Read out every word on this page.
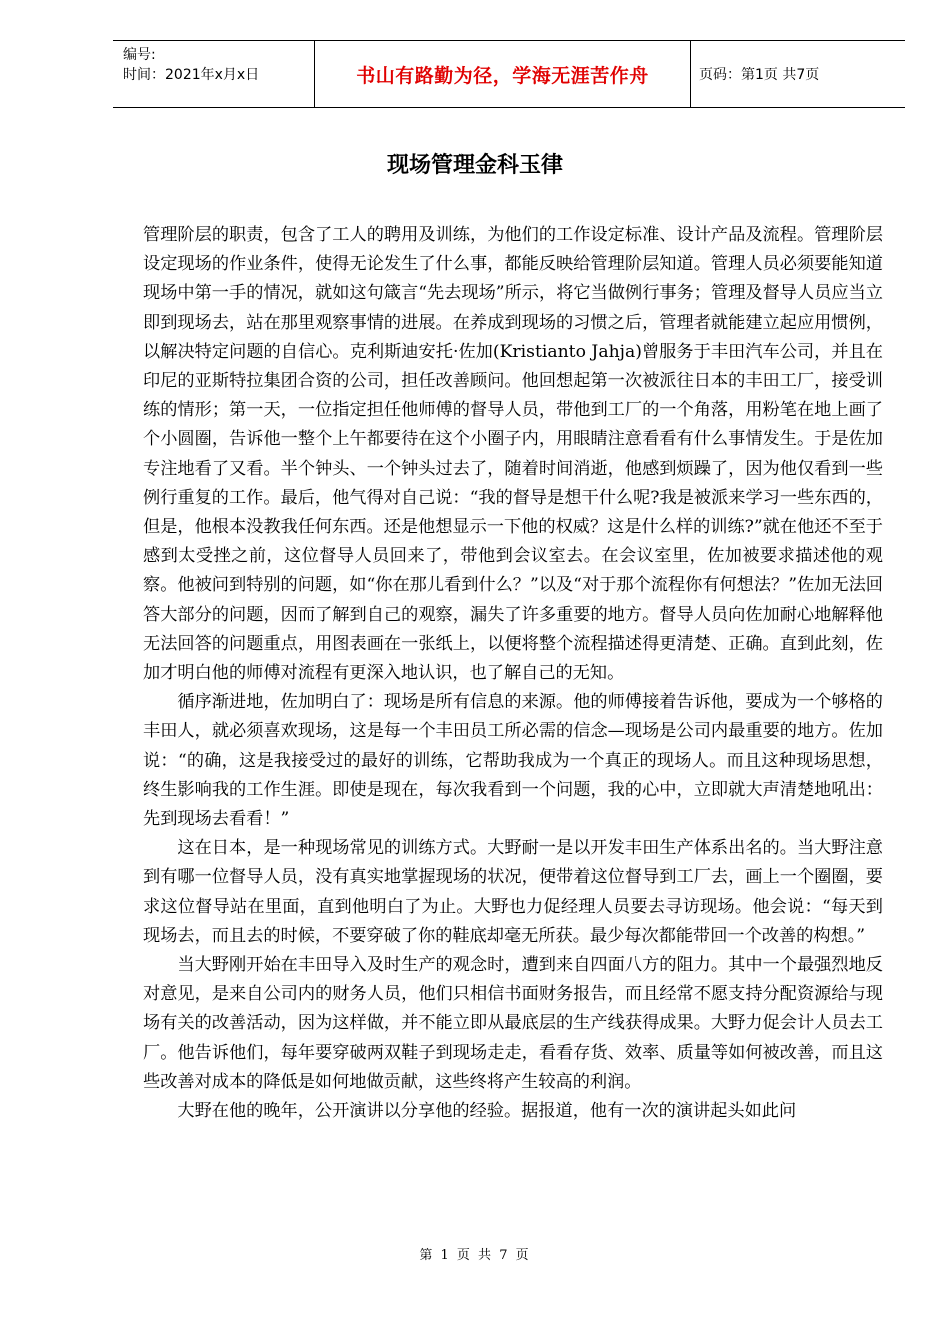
编号:
时间：2021年x月x日	书山有路勤为径，学海无涯苦作舟	页码：第1页 共7页
现场管理金科玉律

管理阶层的职责，包含了工人的聘用及训练，为他们的工作设定标准、设计产品及流程。管理阶层设定现场的作业条件，使得无论发生了什么事，都能反映给管理阶层知道。管理人员必须要能知道现场中第一手的情况，就如这句箴言“先去现场”所示，将它当做例行事务；管理及督导人员应当立即到现场去，站在那里观察事情的进展。在养成到现场的习惯之后，管理者就能建立起应用惯例，以解决特定问题的自信心。克利斯迪安托·佐加(Kristianto Jahja)曾服务于丰田汽车公司，并且在印尼的亚斯特拉集团合资的公司，担任改善顾问。他回想起第一次被派往日本的丰田工厂，接受训练的情形；第一天，一位指定担任他师傅的督导人员，带他到工厂的一个角落，用粉笔在地上画了个小圆圈，告诉他一整个上午都要待在这个小圈子内，用眼睛注意看看有什么事情发生。于是佐加专注地看了又看。半个钟头、一个钟头过去了，随着时间消逝，他感到烦躁了，因为他仅看到一些例行重复的工作。最后，他气得对自己说：“我的督导是想干什么呢?我是被派来学习一些东西的，但是，他根本没教我任何东西。还是他想显示一下他的权威？这是什么样的训练?”就在他还不至于感到太受挫之前，这位督导人员回来了，带他到会议室去。在会议室里，佐加被要求描述他的观察。他被问到特别的问题，如“你在那儿看到什么？”以及“对于那个流程你有何想法？”佐加无法回答大部分的问题，因而了解到自己的观察，漏失了许多重要的地方。督导人员向佐加耐心地解释他无法回答的问题重点，用图表画在一张纸上，以便将整个流程描述得更清楚、正确。直到此刻，佐加才明白他的师傅对流程有更深入地认识，也了解自己的无知。

循序渐进地，佐加明白了：现场是所有信息的来源。他的师傅接着告诉他，要成为一个够格的丰田人，就必须喜欢现场，这是每一个丰田员工所必需的信念—现场是公司内最重要的地方。佐加说：“的确，这是我接受过的最好的训练，它帮助我成为一个真正的现场人。而且这种现场思想，终生影响我的工作生涯。即使是现在，每次我看到一个问题，我的心中，立即就大声清楚地吼出：先到现场去看看！”

这在日本，是一种现场常见的训练方式。大野耐一是以开发丰田生产体系出名的。当大野注意到有哪一位督导人员，没有真实地掌握现场的状况，便带着这位督导到工厂去，画上一个圈圈，要求这位督导站在里面，直到他明白了为止。大野也力促经理人员要去寻访现场。他会说：“每天到现场去，而且去的时候，不要穿破了你的鞋底却毫无所获。最少每次都能带回一个改善的构想。”

当大野刚开始在丰田导入及时生产的观念时，遭到来自四面八方的阻力。其中一个最强烈地反对意见，是来自公司内的财务人员，他们只相信书面财务报告，而且经常不愿支持分配资源给与现场有关的改善活动，因为这样做，并不能立即从最底层的生产线获得成果。大野力促会计人员去工厂。他告诉他们，每年要穿破两双鞋子到现场走走，看看存货、效率、质量等如何被改善，而且这些改善对成本的降低是如何地做贡献，这些终将产生较高的利润。

大野在他的晚年，公开演讲以分享他的经验。据报道，他有一次的演讲起头如此问

第 1 页 共 7 页
